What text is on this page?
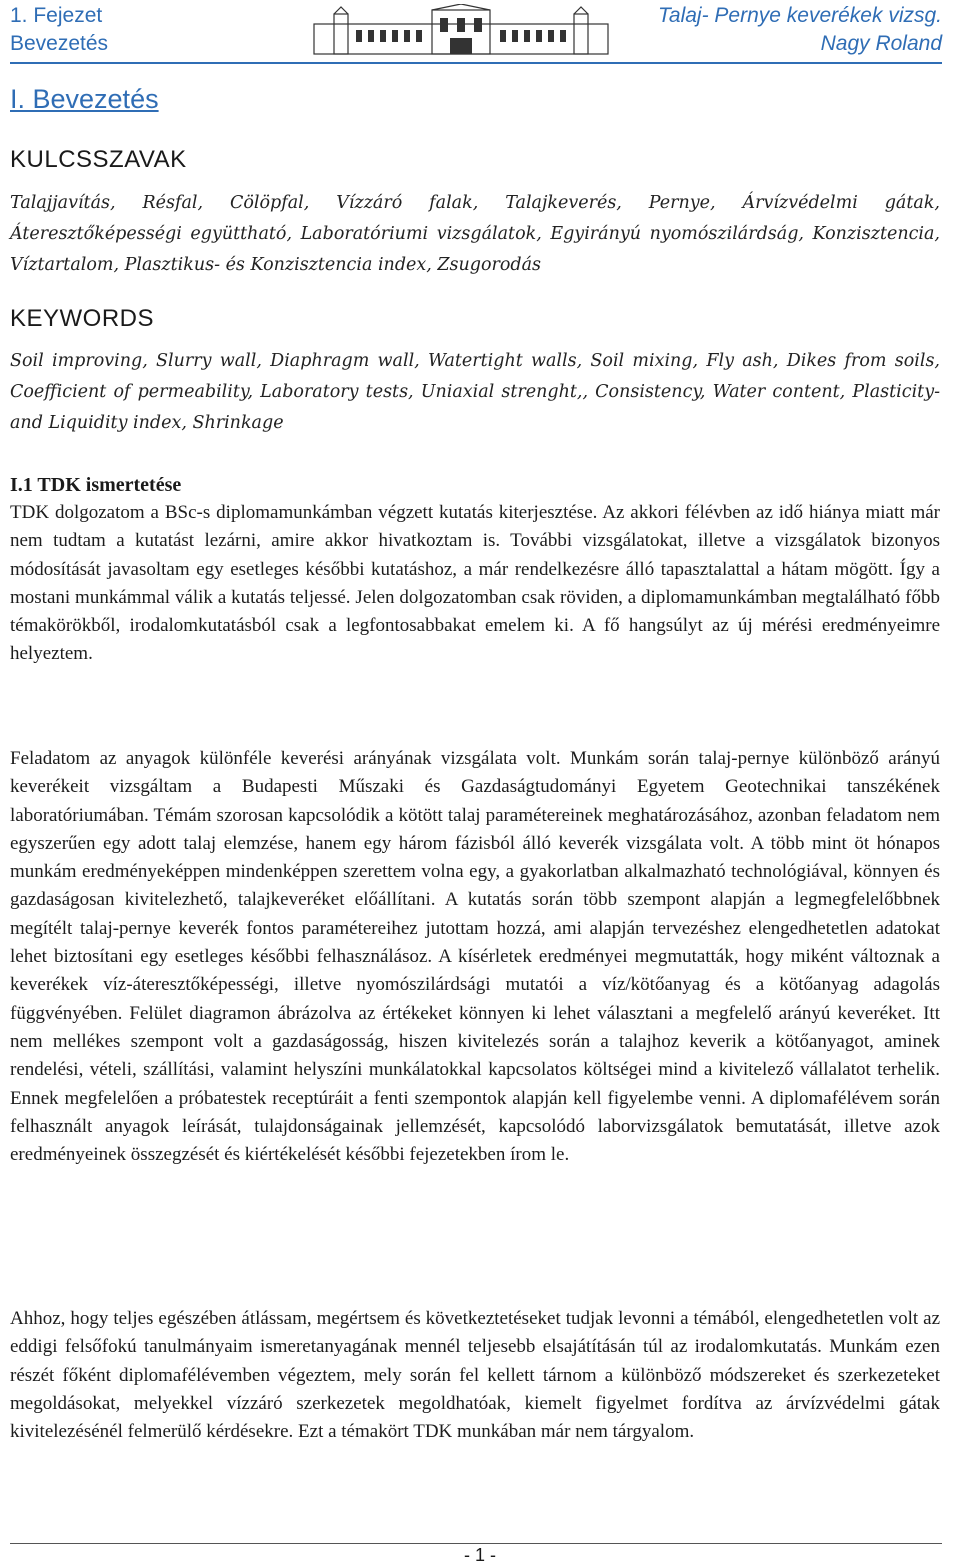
1. Fejezet
Bevezetés
Talaj- Pernye keverékek vizsg.
Nagy Roland
I. Bevezetés
KULCSSZAVAK
Talajjavítás, Résfal, Cölöpfal, Vízzáró falak, Talajkeverés, Pernye, Árvízvédelmi gátak, Áteresztőképességi együttható, Laboratóriumi vizsgálatok, Egyirányú nyomószilárdság, Konzisztencia, Víztartalom, Plasztikus- és Konzisztencia index, Zsugorodás
KEYWORDS
Soil improving, Slurry wall, Diaphragm wall, Watertight walls, Soil mixing, Fly ash, Dikes from soils, Coefficient of permeability, Laboratory tests, Uniaxial strenght,, Consistency, Water content, Plasticity- and Liquidity index, Shrinkage
I.1 TDK ismertetése
TDK dolgozatom a BSc-s diplomamunkámban végzett kutatás kiterjesztése. Az akkori félévben az idő hiánya miatt már nem tudtam a kutatást lezárni, amire akkor hivatkoztam is. További vizsgálatokat, illetve a vizsgálatok bizonyos módosítását javasoltam egy esetleges későbbi kutatáshoz, a már rendelkezésre álló tapasztalattal a hátam mögött. Így a mostani munkámmal válik a kutatás teljessé. Jelen dolgozatomban csak röviden, a diplomamunkámban megtalálható főbb témakörökből, irodalomkutatásból csak a legfontosabbakat emelem ki. A fő hangsúlyt az új mérési eredményeimre helyeztem.
Feladatom az anyagok különféle keverési arányának vizsgálata volt. Munkám során talaj-pernye különböző arányú keverékeit vizsgáltam a Budapesti Műszaki és Gazdaságtudományi Egyetem Geotechnikai tanszékének laboratóriumában. Témám szorosan kapcsolódik a kötött talaj paramétereinek meghatározásához, azonban feladatom nem egyszerűen egy adott talaj elemzése, hanem egy három fázisból álló keverék vizsgálata volt. A több mint öt hónapos munkám eredményeképpen mindenképpen szerettem volna egy, a gyakorlatban alkalmazható technológiával, könnyen és gazdaságosan kivitelezhető, talajkeveréket előállítani. A kutatás során több szempont alapján a legmegfelelőbbnek megítélt talaj-pernye keverék fontos paramétereihez jutottam hozzá, ami alapján tervezéshez elengedhetetlen adatokat lehet biztosítani egy esetleges későbbi felhasználásoz. A kísérletek eredményei megmutatták, hogy miként változnak a keverékek víz-áteresztőképességi, illetve nyomószilárdsági mutatói a víz/kötőanyag és a kötőanyag adagolás függvényében. Felület diagramon ábrázolva az értékeket könnyen ki lehet választani a megfelelő arányú keveréket. Itt nem mellékes szempont volt a gazdaságosság, hiszen kivitelezés során a talajhoz keverik a kötőanyagot, aminek rendelési, vételi, szállítási, valamint helyszíni munkálatokkal kapcsolatos költségei mind a kivitelező vállalatot terhelik. Ennek megfelelően a próbatestek receptúráit a fenti szempontok alapján kell figyelembe venni. A diplomafélévem során felhasznált anyagok leírását, tulajdonságainak jellemzését, kapcsolódó laborvizsgálatok bemutatását, illetve azok eredményeinek összegzését és kiértékelését későbbi fejezetekben írom le.
Ahhoz, hogy teljes egészében átlássam, megértsem és következtetéseket tudjak levonni a témából, elengedhetetlen volt az eddigi felsőfokú tanulmányaim ismeretanyagának mennél teljesebb elsajátításán túl az irodalomkutatás. Munkám ezen részét főként diplomafélévemben végeztem, mely során fel kellett tárnom a különböző módszereket és szerkezeteket megoldásokat, melyekkel vízzáró szerkezetek megoldhatóak, kiemelt figyelmet fordítva az árvízvédelmi gátak kivitelezésénél felmerülő kérdésekre. Ezt a témakört TDK munkában már nem tárgyalom.
- 1 -
